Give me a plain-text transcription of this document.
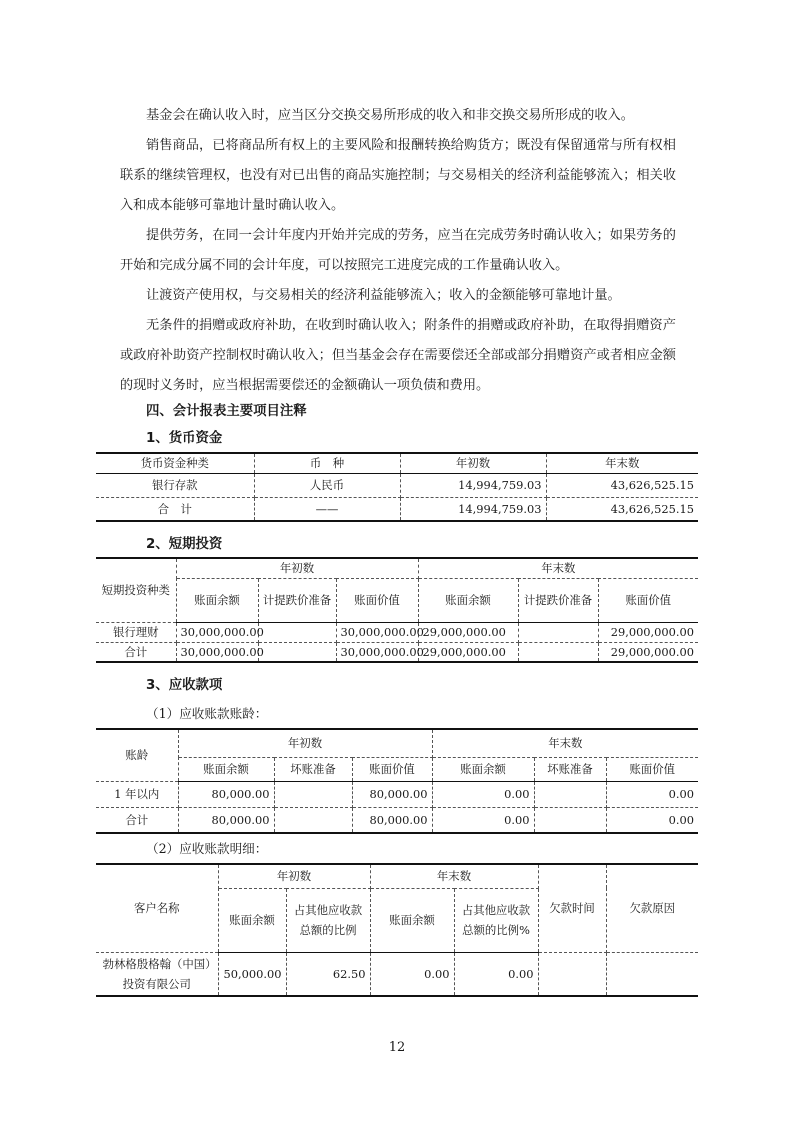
基金会在确认收入时，应当区分交换交易所形成的收入和非交换交易所形成的收入。

销售商品，已将商品所有权上的主要风险和报酬转换给购货方；既没有保留通常与所有权相联系的继续管理权，也没有对已出售的商品实施控制；与交易相关的经济利益能够流入；相关收入和成本能够可靠地计量时确认收入。

提供劳务，在同一会计年度内开始并完成的劳务，应当在完成劳务时确认收入；如果劳务的开始和完成分属不同的会计年度，可以按照完工进度完成的工作量确认收入。

让渡资产使用权，与交易相关的经济利益能够流入；收入的金额能够可靠地计量。

无条件的捐赠或政府补助，在收到时确认收入；附条件的捐赠或政府补助，在取得捐赠资产或政府补助资产控制权时确认收入；但当基金会存在需要偿还全部或部分捐赠资产或者相应金额的现时义务时，应当根据需要偿还的金额确认一项负债和费用。

四、会计报表主要项目注释

1、货币资金

货币资金种类	币　种	年初数	年末数
银行存款	人民币	14,994,759.03	43,626,525.15
合　计	——	14,994,759.03	43,626,525.15

2、短期投资

短期投资种类	年初数			年末数		
	账面余额	计提跌价准备	账面价值	账面余额	计提跌价准备	账面价值
银行理财	30,000,000.00		30,000,000.00	29,000,000.00		29,000,000.00
合计	30,000,000.00		30,000,000.00	29,000,000.00		29,000,000.00

3、应收款项

（1）应收账款账龄：

账龄	年初数			年末数		
	账面余额	坏账准备	账面价值	账面余额	坏账准备	账面价值
1 年以内	80,000.00		80,000.00	0.00		0.00
合计	80,000.00		80,000.00	0.00		0.00

（2）应收账款明细：

客户名称	年初数		年末数		欠款时间	欠款原因
	账面余额	占其他应收款总额的比例	账面余额	占其他应收款总额的比例%		
勃林格殷格翰（中国）投资有限公司	50,000.00	62.50	0.00	0.00		
12
